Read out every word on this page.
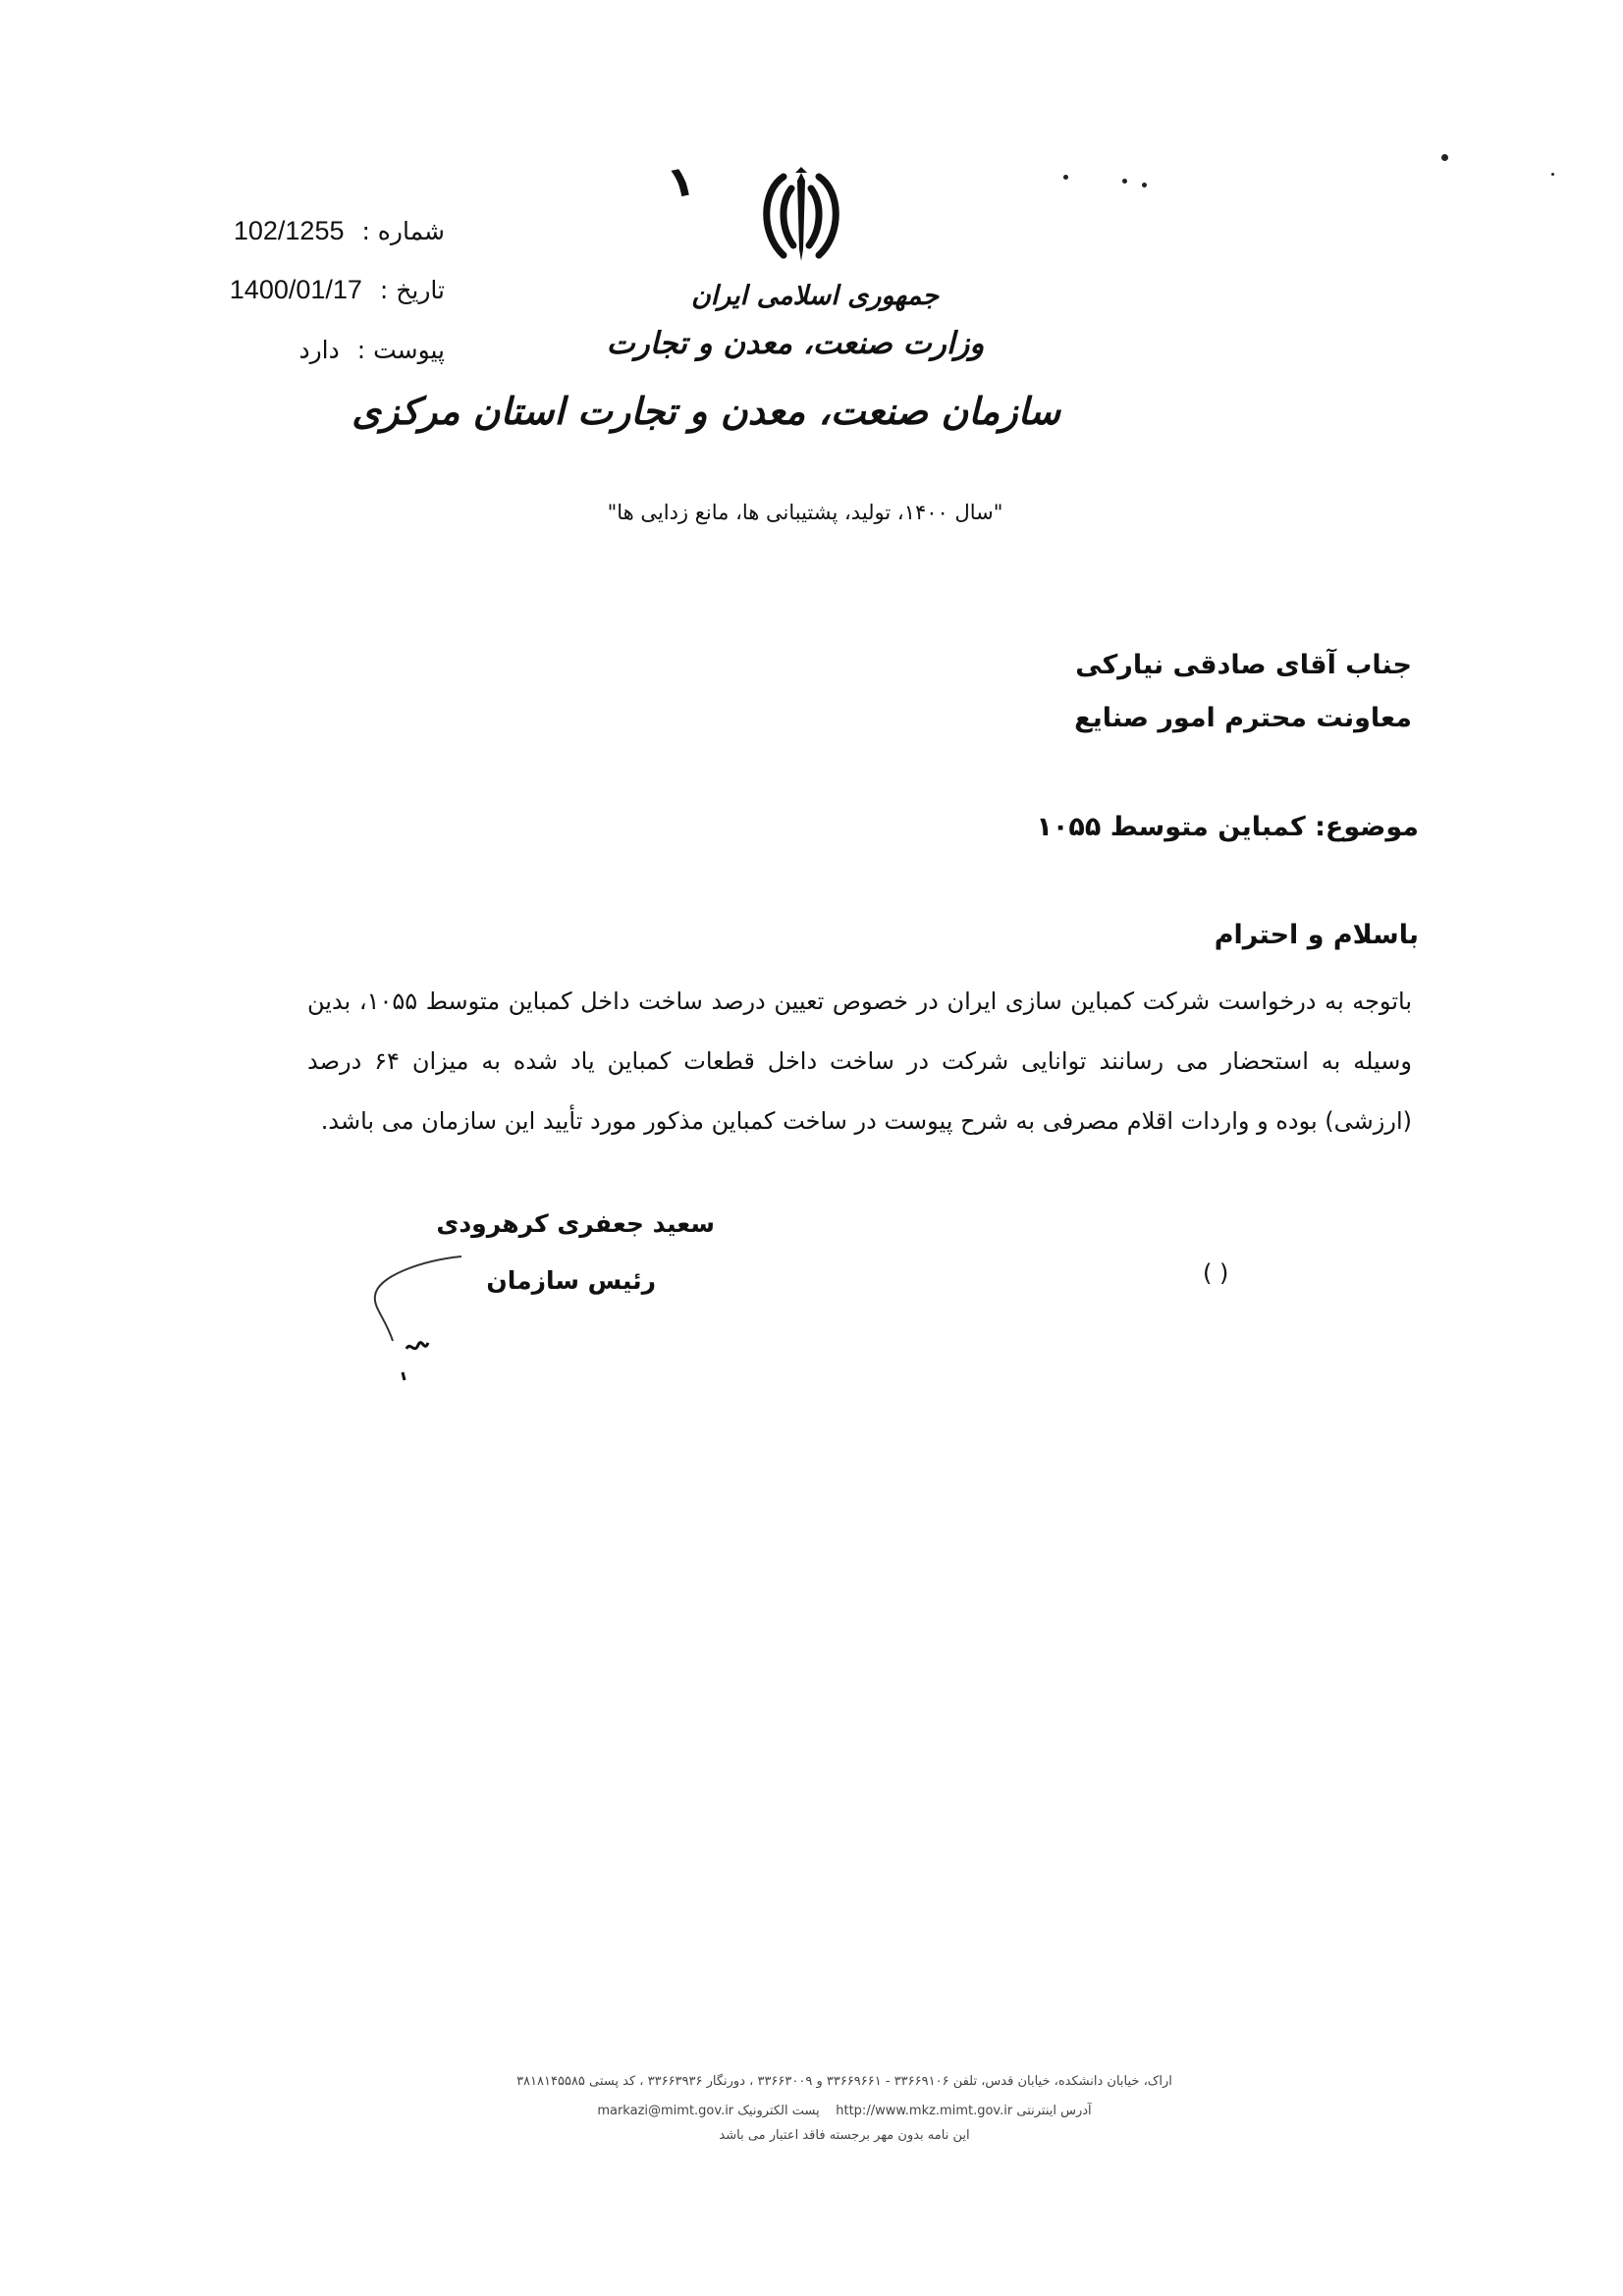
شماره : 102/1255
تاریخ : 1400/01/17
پیوست : دارد
۱
جمهوری اسلامی ایران
وزارت صنعت، معدن و تجارت
سازمان صنعت، معدن و تجارت استان مرکزی
"سال ۱۴۰۰، تولید، پشتیبانی ها، مانع زدایی ها"
جناب آقای صادقی نیارکی
معاونت محترم امور صنایع
موضوع: کمباین متوسط ۱۰۵۵
باسلام و احترام
باتوجه به درخواست شرکت کمباین سازی ایران در خصوص تعیین درصد ساخت داخل کمباین متوسط ۱۰۵۵، بدین وسیله به استحضار می رسانند توانایی شرکت در ساخت داخل قطعات کمباین یاد شده به میزان ۶۴ درصد (ارزشی) بوده و واردات اقلام مصرفی به شرح پیوست در ساخت کمباین مذکور مورد تأیید این سازمان می باشد.
سعید جعفری کرهرودی
رئیس سازمان	( )
اراک، خیابان دانشکده، خیابان قدس، تلفن ۳۳۶۶۹۱۰۶ - ۳۳۶۶۹۶۶۱ و ۳۳۶۶۳۰۰۹ ، دورنگار ۳۳۶۶۳۹۳۶ ، کد پستی ۳۸۱۸۱۴۵۵۸۵
آدرس اینترنتی http://www.mkz.mimt.gov.ir    پست الکترونیک markazi@mimt.gov.ir
این نامه بدون مهر برجسته فاقد اعتبار می باشد
